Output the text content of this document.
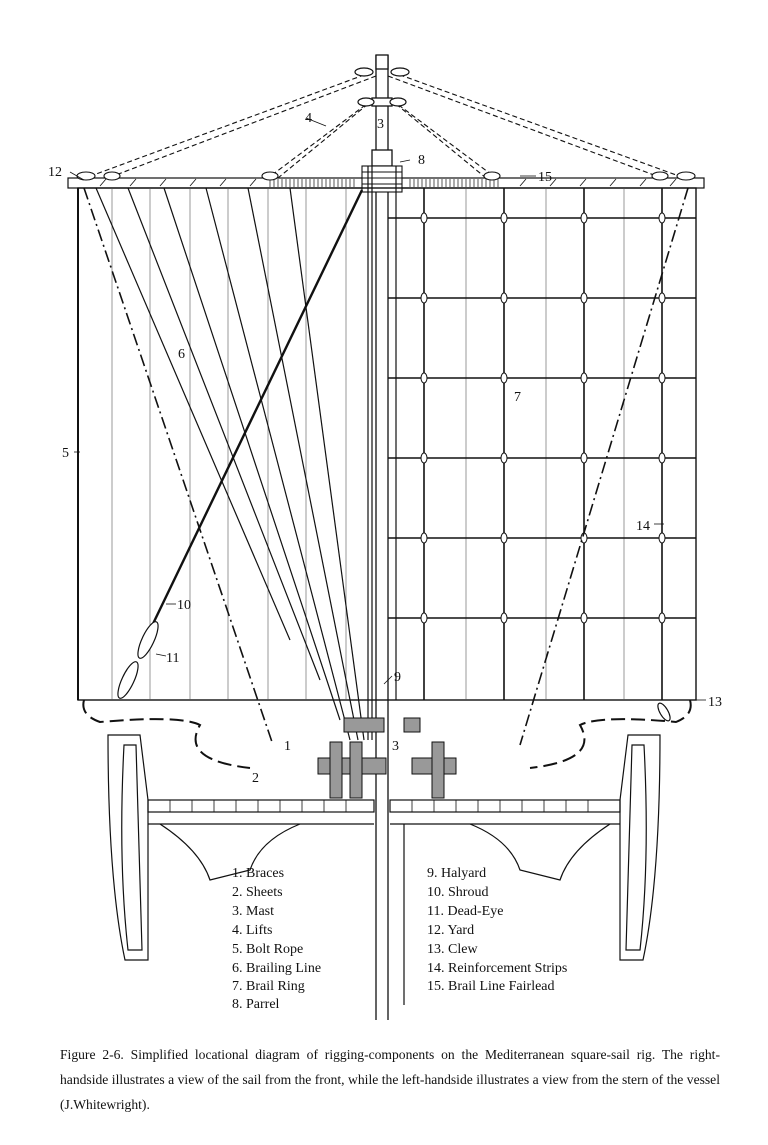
1
2
3
3
4
5
6
7
8
9
10
11
12
13
14
15
1. Braces
2. Sheets
3. Mast
4. Lifts
5. Bolt Rope
6. Brailing Line
7. Brail Ring
8. Parrel
9. Halyard
10. Shroud
11. Dead-Eye
12. Yard
13. Clew
14. Reinforcement Strips
15. Brail Line Fairlead

Figure 2-6. Simplified locational diagram of rigging-components on the Mediterranean square-sail rig. The right-handside illustrates a view of the sail from the front, while the left-handside illustrates a view from the stern of the vessel (J.Whitewright).
